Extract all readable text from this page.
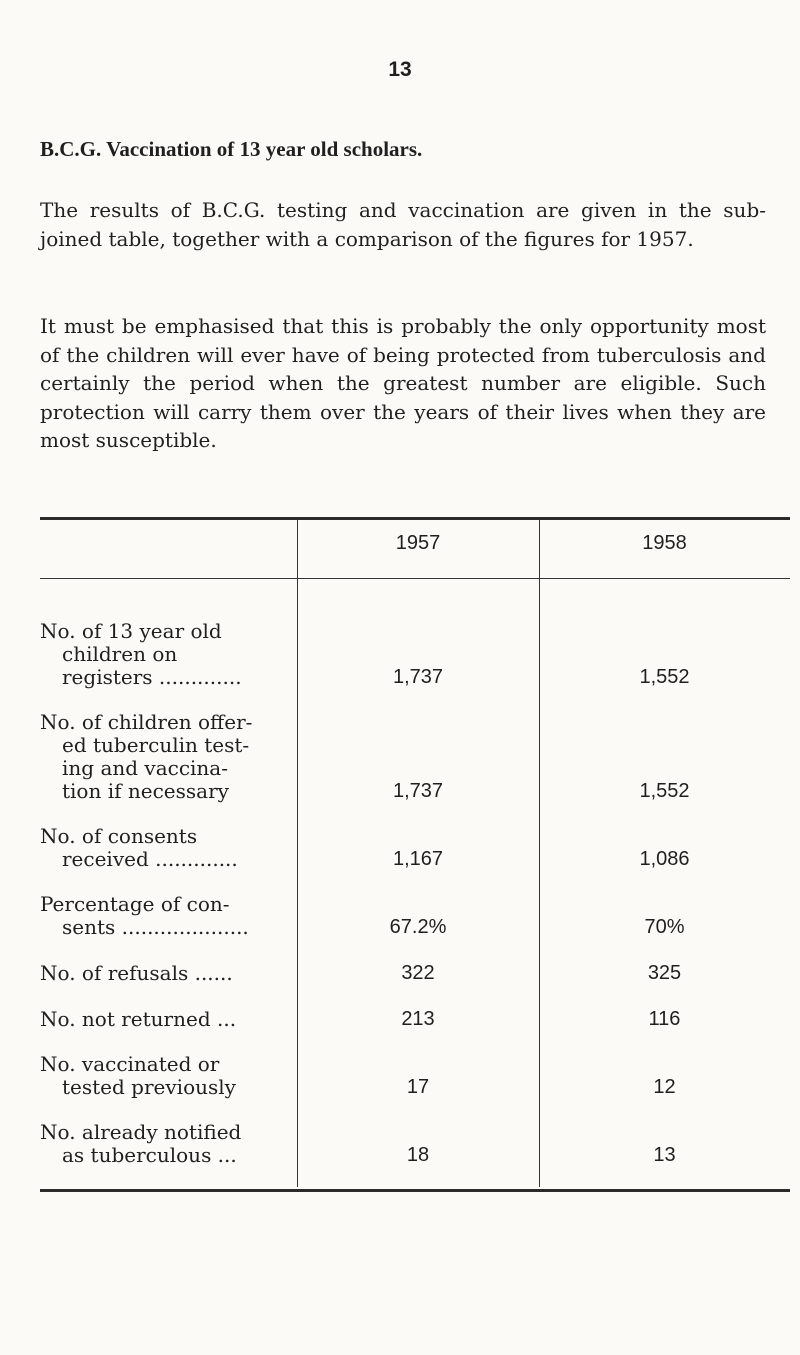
13
B.C.G. Vaccination of 13 year old scholars.

The results of B.C.G. testing and vaccination are given in the sub-joined table, together with a comparison of the figures for 1957.

It must be emphasised that this is probably the only opportunity most of the children will ever have of being protected from tuberculosis and certainly the period when the greatest number are eligible. Such protection will carry them over the years of their lives when they are most susceptible.

1957	1958
No. of 13 year old
children on
registers .............	1,737	1,552
No. of children offer-
ed tuberculin test-
ing and vaccina-
tion if necessary	1,737	1,552
No. of consents
received .............	1,167	1,086
Percentage of con-
sents ....................	67.2%	70%
No. of refusals ......	322	325
No. not returned ...	213	116
No. vaccinated or
tested previously	17	12
No. already notified
as tuberculous ...	18	13
